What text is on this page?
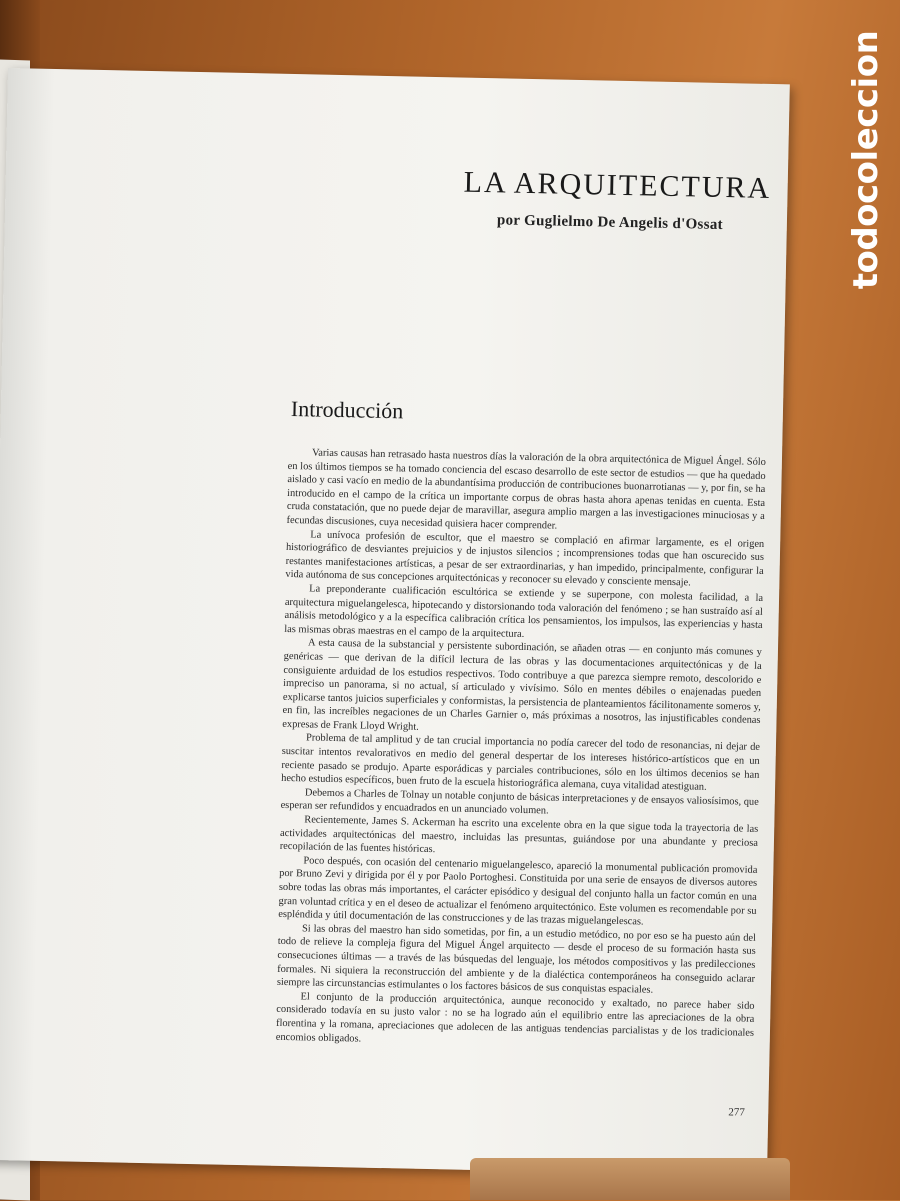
LA ARQUITECTURA
por Guglielmo De Angelis d'Ossat
Introducción

Varias causas han retrasado hasta nuestros días la valoración de la obra arquitectónica de Miguel Ángel. Sólo en los últimos tiempos se ha tomado conciencia del escaso desarrollo de este sector de estudios — que ha quedado aislado y casi vacío en medio de la abundantísima producción de contribuciones buonarrotianas — y, por fin, se ha introducido en el campo de la crítica un importante corpus de obras hasta ahora apenas tenidas en cuenta. Esta cruda constatación, que no puede dejar de maravillar, asegura amplio margen a las investigaciones minuciosas y a fecundas discusiones, cuya necesidad quisiera hacer comprender.

La unívoca profesión de escultor, que el maestro se complació en afirmar largamente, es el origen historiográfico de desviantes prejuicios y de injustos silencios ; incomprensiones todas que han oscurecido sus restantes manifestaciones artísticas, a pesar de ser extraordinarias, y han impedido, principalmente, configurar la vida autónoma de sus concepciones arquitectónicas y reconocer su elevado y consciente mensaje.

La preponderante cualificación escultórica se extiende y se superpone, con molesta facilidad, a la arquitectura miguelangelesca, hipotecando y distorsionando toda valoración del fenómeno ; se han sustraído así al análisis metodológico y a la específica calibración crítica los pensamientos, los impulsos, las experiencias y hasta las mismas obras maestras en el campo de la arquitectura.

A esta causa de la substancial y persistente subordinación, se añaden otras — en conjunto más comunes y genéricas — que derivan de la difícil lectura de las obras y las documentaciones arquitectónicas y de la consiguiente arduidad de los estudios respectivos. Todo contribuye a que parezca siempre remoto, descolorido e impreciso un panorama, si no actual, sí articulado y vivísimo. Sólo en mentes débiles o enajenadas pueden explicarse tantos juicios superficiales y conformistas, la persistencia de planteamientos fácilitonamente someros y, en fin, las increíbles negaciones de un Charles Garnier o, más próximas a nosotros, las injustificables condenas expresas de Frank Lloyd Wright.

Problema de tal amplitud y de tan crucial importancia no podía carecer del todo de resonancias, ni dejar de suscitar intentos revalorativos en medio del general despertar de los intereses histórico-artísticos que en un reciente pasado se produjo. Aparte esporádicas y parciales contribuciones, sólo en los últimos decenios se han hecho estudios específicos, buen fruto de la escuela historiográfica alemana, cuya vitalidad atestiguan.

Debemos a Charles de Tolnay un notable conjunto de básicas interpretaciones y de ensayos valiosísimos, que esperan ser refundidos y encuadrados en un anunciado volumen.

Recientemente, James S. Ackerman ha escrito una excelente obra en la que sigue toda la trayectoria de las actividades arquitectónicas del maestro, incluidas las presuntas, guiándose por una abundante y preciosa recopilación de las fuentes históricas.

Poco después, con ocasión del centenario miguelangelesco, apareció la monumental publicación promovida por Bruno Zevi y dirigida por él y por Paolo Portoghesi. Constituida por una serie de ensayos de diversos autores sobre todas las obras más importantes, el carácter episódico y desigual del conjunto halla un factor común en una gran voluntad crítica y en el deseo de actualizar el fenómeno arquitectónico. Este volumen es recomendable por su espléndida y útil documentación de las construcciones y de las trazas miguelangelescas.

Si las obras del maestro han sido sometidas, por fin, a un estudio metódico, no por eso se ha puesto aún del todo de relieve la compleja figura del Miguel Ángel arquitecto — desde el proceso de su formación hasta sus consecuciones últimas — a través de las búsquedas del lenguaje, los métodos compositivos y las predilecciones formales. Ni siquiera la reconstrucción del ambiente y de la dialéctica contemporáneos ha conseguido aclarar siempre las circunstancias estimulantes o los factores básicos de sus conquistas espaciales.

El conjunto de la producción arquitectónica, aunque reconocido y exaltado, no parece haber sido considerado todavía en su justo valor : no se ha logrado aún el equilibrio entre las apreciaciones de la obra florentina y la romana, apreciaciones que adolecen de las antiguas tendencias parcialistas y de los tradicionales encomios obligados.

277
todocoleccion
